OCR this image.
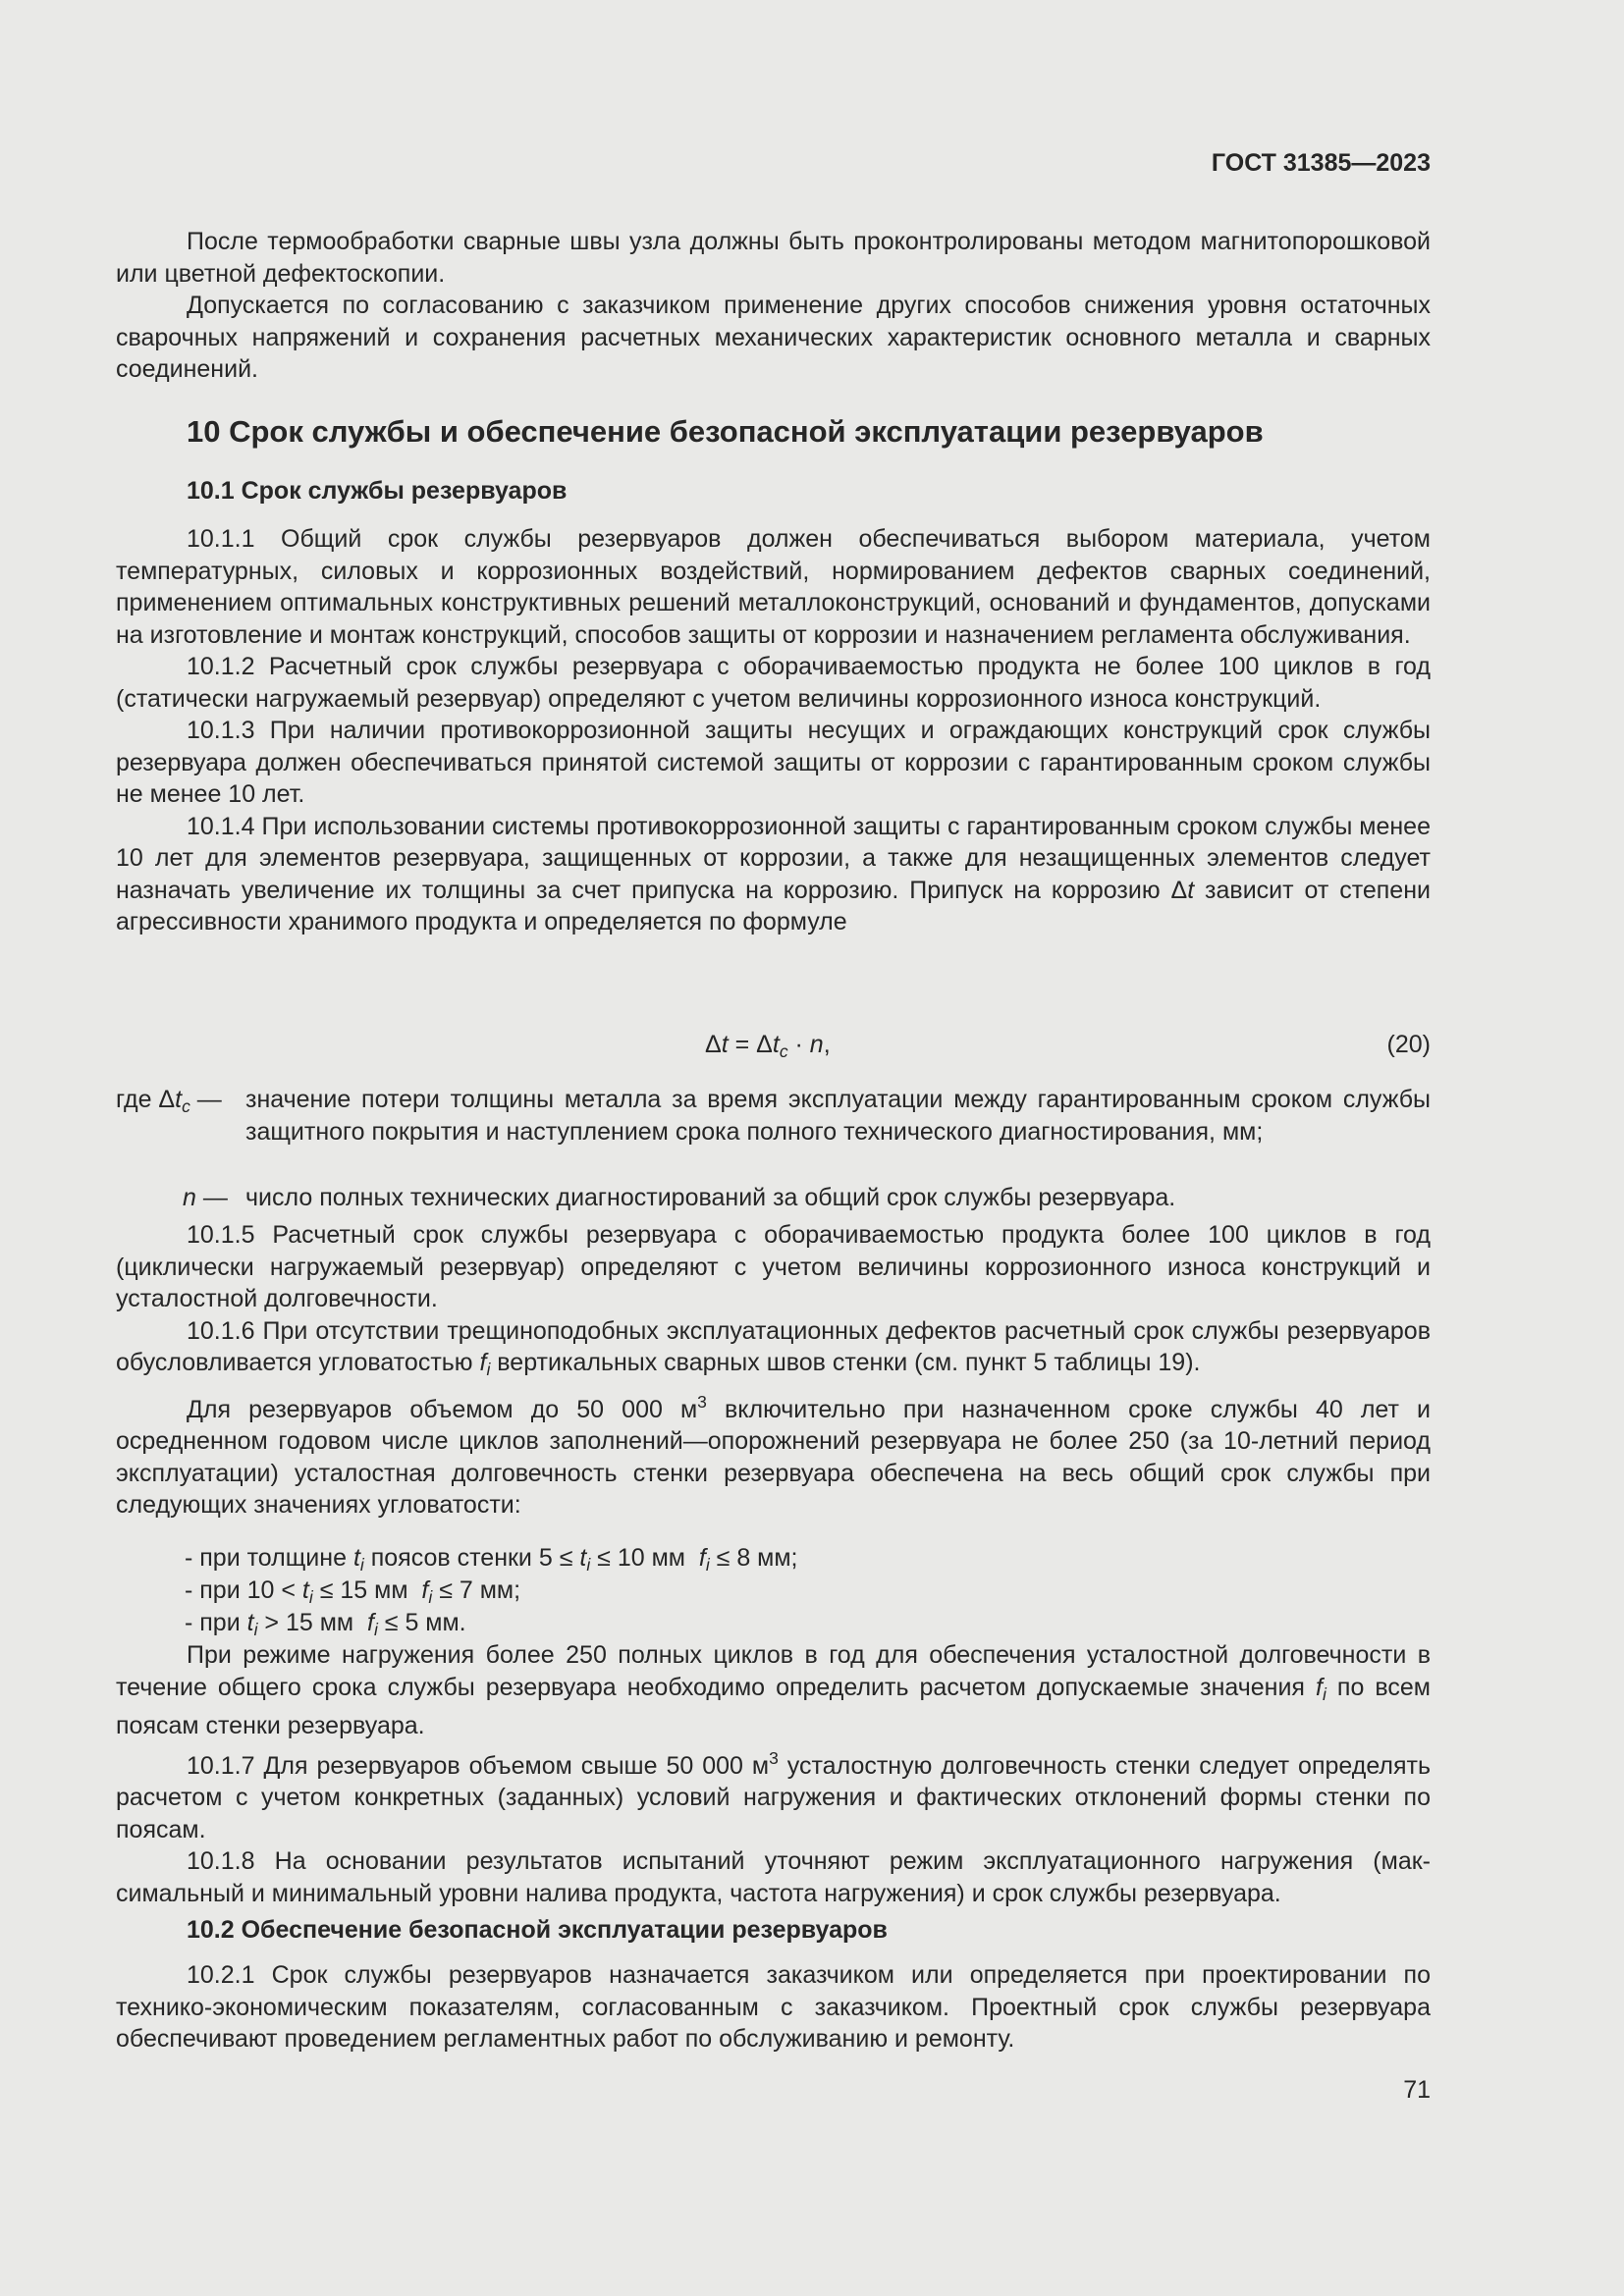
ГОСТ 31385—2023

После термообработки сварные швы узла должны быть проконтролированы методом магнитопорошковой или цветной дефектоскопии.

Допускается по согласованию с заказчиком применение других способов снижения уровня остаточных сварочных напряжений и сохранения расчетных механических характеристик основного металла и сварных соединений.

10 Срок службы и обеспечение безопасной эксплуатации резервуаров

10.1 Срок службы резервуаров

10.1.1 Общий срок службы резервуаров должен обеспечиваться выбором материала, учетом температурных, силовых и коррозионных воздействий, нормированием дефектов сварных соединений, применением оптимальных конструктивных решений металлоконструкций, оснований и фундаментов, допусками на изготовление и монтаж конструкций, способов защиты от коррозии и назначением регламента обслуживания.

10.1.2 Расчетный срок службы резервуара с оборачиваемостью продукта не более 100 циклов в год (статически нагружаемый резервуар) определяют с учетом величины коррозионного износа конструкций.

10.1.3 При наличии противокоррозионной защиты несущих и ограждающих конструкций срок службы резервуара должен обеспечиваться принятой системой защиты от коррозии с гарантированным сроком службы не менее 10 лет.

10.1.4 При использовании системы противокоррозионной защиты с гарантированным сроком службы менее 10 лет для элементов резервуара, защищенных от коррозии, а также для незащищенных элементов следует назначать увеличение их толщины за счет припуска на коррозию. Припуск на коррозию Δt зависит от степени агрессивности хранимого продукта и определяется по формуле

$\Delta t = \Delta t_c \cdot n$,	(20)
где $\Delta t_c$ — значение потери толщины металла за время эксплуатации между гарантированным сроком службы защитного покрытия и наступлением срока полного технического диагностирования, мм;
n — число полных технических диагностирований за общий срок службы резервуара.

10.1.5 Расчетный срок службы резервуара с оборачиваемостью продукта более 100 циклов в год (циклически нагружаемый резервуар) определяют с учетом величины коррозионного износа конструкций и усталостной долговечности.

10.1.6 При отсутствии трещиноподобных эксплуатационных дефектов расчетный срок службы резервуаров обусловливается угловатостью $f_i$ вертикальных сварных швов стенки (см. пункт 5 таблицы 19).

Для резервуаров объемом до 50 000 $м^3$ включительно при назначенном сроке службы 40 лет и осредненном годовом числе циклов заполнений—опорожнений резервуара не более 250 (за 10-летний период эксплуатации) усталостная долговечность стенки резервуара обеспечена на весь общий срок службы при следующих значениях угловатости:

- при толщине $t_i$ поясов стенки $5 \le t_i \le 10$ мм  $f_i \le 8$ мм;
- при $10 < t_i \le 15$ мм  $f_i \le 7$ мм;
- при $t_i > 15$ мм  $f_i \le 5$ мм.

При режиме нагружения более 250 полных циклов в год для обеспечения усталостной долговечности в течение общего срока службы резервуара необходимо определить расчетом допускаемые значения $f_i$ по всем поясам стенки резервуара.

10.1.7 Для резервуаров объемом свыше 50 000 $м^3$ усталостную долговечность стенки следует определять расчетом с учетом конкретных (заданных) условий нагружения и фактических отклонений формы стенки по поясам.

10.1.8 На основании результатов испытаний уточняют режим эксплуатационного нагружения (максимальный и минимальный уровни налива продукта, частота нагружения) и срок службы резервуара.

10.2 Обеспечение безопасной эксплуатации резервуаров

10.2.1 Срок службы резервуаров назначается заказчиком или определяется при проектировании по технико-экономическим показателям, согласованным с заказчиком. Проектный срок службы резервуара обеспечивают проведением регламентных работ по обслуживанию и ремонту.

71
